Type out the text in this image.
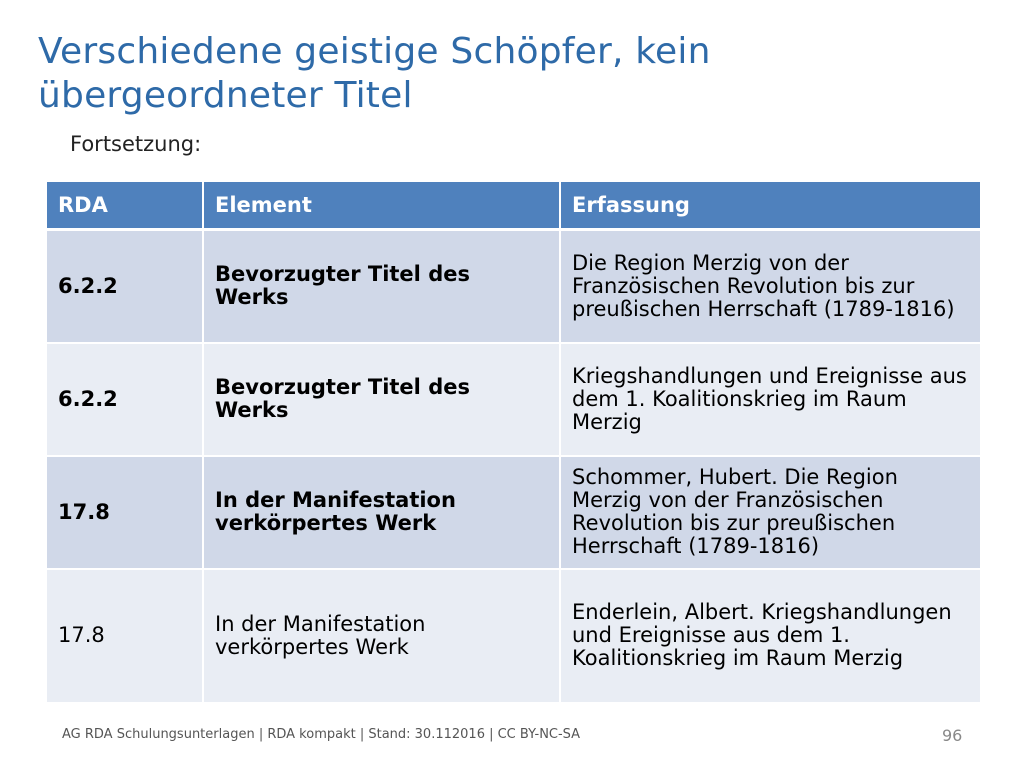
Verschiedene geistige Schöpfer, kein übergeordneter Titel
Fortsetzung:
RDA	Element	Erfassung
6.2.2	Bevorzugter Titel des Werks	Die Region Merzig von der Französischen Revolution bis zur preußischen Herrschaft (1789-1816)
6.2.2	Bevorzugter Titel des Werks	Kriegshandlungen und Ereignisse aus dem 1. Koalitionskrieg im Raum Merzig
17.8	In der Manifestation verkörpertes Werk	Schommer, Hubert. Die Region Merzig von der Französischen Revolution bis zur preußischen Herrschaft (1789-1816)
17.8	In der Manifestation verkörpertes Werk	Enderlein, Albert. Kriegshandlungen und Ereignisse aus dem 1. Koalitionskrieg im Raum Merzig
AG RDA Schulungsunterlagen | RDA kompakt | Stand: 30.112016 | CC BY-NC-SA	96
